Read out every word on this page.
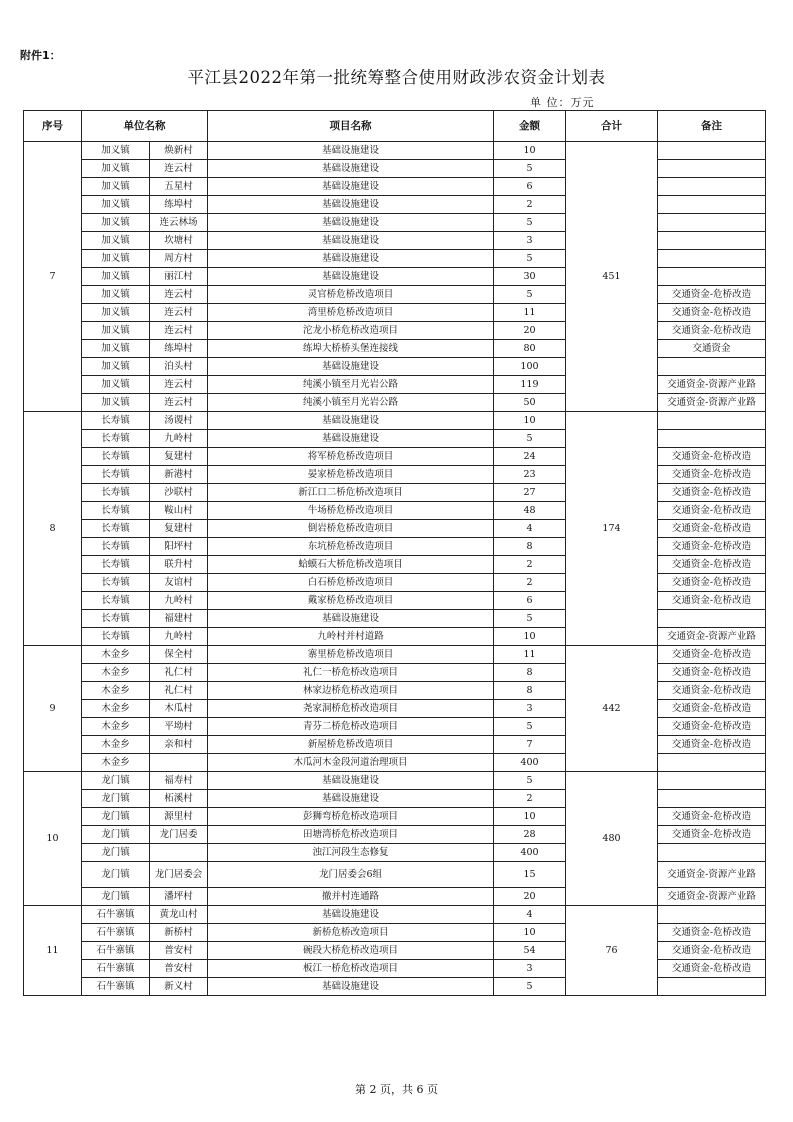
附件1：
平江县2022年第一批统筹整合使用财政涉农资金计划表
单 位：万元
序号	单位名称		项目名称	金额	合计	备注
7	加义镇	焕新村	基础设施建设	10	451	
	加义镇	连云村	基础设施建设	5		
	加义镇	五星村	基础设施建设	6		
	加义镇	练埠村	基础设施建设	2		
	加义镇	连云林场	基础设施建设	5		
	加义镇	坎塘村	基础设施建设	3		
	加义镇	周方村	基础设施建设	5		
	加义镇	丽江村	基础设施建设	30		
	加义镇	连云村	灵官桥危桥改造项目	5		交通资金-危桥改造
	加义镇	连云村	湾里桥危桥改造项目	11		交通资金-危桥改造
	加义镇	连云村	沱龙小桥危桥改造项目	20		交通资金-危桥改造
	加义镇	练埠村	练埠大桥桥头堡连接线	80		交通资金
	加义镇	泊头村	基础设施建设	100		
	加义镇	连云村	纯溪小镇至月光岩公路	119		交通资金-资源产业路
	加义镇	连云村	纯溪小镇至月光岩公路	50		交通资金-资源产业路
8	长寿镇	汤谡村	基础设施建设	10	174	
	长寿镇	九岭村	基础设施建设	5		
	长寿镇	复建村	将军桥危桥改造项目	24		交通资金-危桥改造
	长寿镇	新港村	晏家桥危桥改造项目	23		交通资金-危桥改造
	长寿镇	沙联村	新江口二桥危桥改造项目	27		交通资金-危桥改造
	长寿镇	鞍山村	牛场桥危桥改造项目	48		交通资金-危桥改造
	长寿镇	复建村	倒岩桥危桥改造项目	4		交通资金-危桥改造
	长寿镇	阳坪村	东坑桥危桥改造项目	8		交通资金-危桥改造
	长寿镇	联升村	蛤蟆石大桥危桥改造项目	2		交通资金-危桥改造
	长寿镇	友谊村	白石桥危桥改造项目	2		交通资金-危桥改造
	长寿镇	九岭村	戴家桥危桥改造项目	6		交通资金-危桥改造
	长寿镇	福建村	基础设施建设	5		
	长寿镇	九岭村	九岭村并村道路	10		交通资金-资源产业路
9	木金乡	保全村	寨里桥危桥改造项目	11	442	交通资金-危桥改造
	木金乡	礼仁村	礼仁一桥危桥改造项目	8		交通资金-危桥改造
	木金乡	礼仁村	林家边桥危桥改造项目	8		交通资金-危桥改造
	木金乡	木瓜村	尧家洞桥危桥改造项目	3		交通资金-危桥改造
	木金乡	平坳村	青芬二桥危桥改造项目	5		交通资金-危桥改造
	木金乡	亲和村	新屋桥危桥改造项目	7		交通资金-危桥改造
	木金乡		木瓜河木金段河道治理项目	400		
10	龙门镇	福寿村	基础设施建设	5	480	
	龙门镇	柘溪村	基础设施建设	2		
	龙门镇	源里村	彭狮弯桥危桥改造项目	10		交通资金-危桥改造
	龙门镇	龙门居委	田塘湾桥危桥改造项目	28		交通资金-危桥改造
	龙门镇		浊江河段生态修复	400		
	龙门镇	龙门居委会	龙门居委会6组	15		交通资金-资源产业路
	龙门镇	潘坪村	撤并村连通路	20		交通资金-资源产业路
11	石牛寨镇	黄龙山村	基础设施建设	4	76	
	石牛寨镇	新桥村	新桥危桥改造项目	10		交通资金-危桥改造
	石牛寨镇	普安村	碗段大桥危桥改造项目	54		交通资金-危桥改造
	石牛寨镇	普安村	板江一桥危桥改造项目	3		交通资金-危桥改造
	石牛寨镇	新义村	基础设施建设	5		
第 2 页，共 6 页
